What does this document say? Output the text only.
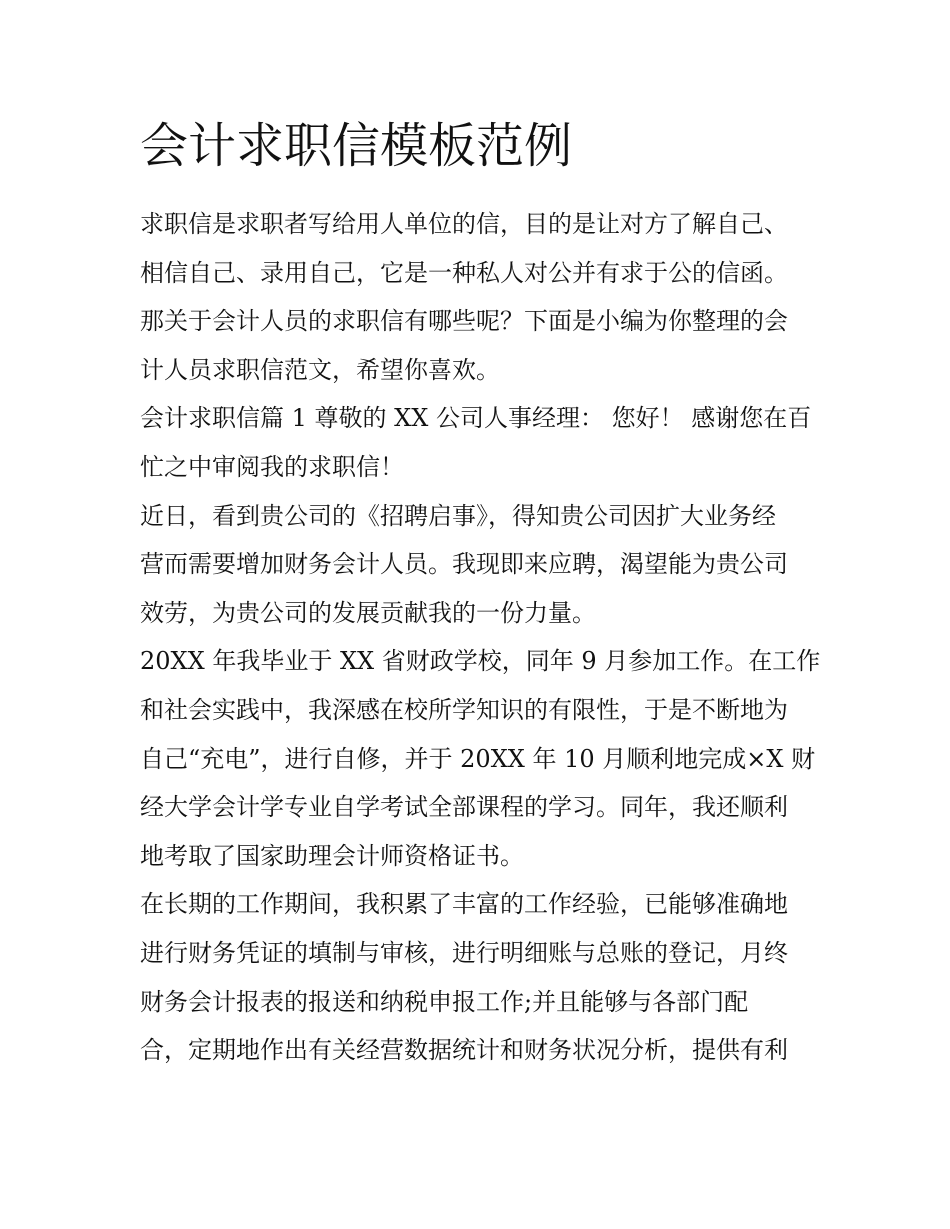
会计求职信模板范例
求职信是求职者写给用人单位的信，目的是让对方了解自己、
相信自己、录用自己，它是一种私人对公并有求于公的信函。
那关于会计人员的求职信有哪些呢？下面是小编为你整理的会
计人员求职信范文，希望你喜欢。
会计求职信篇 1 尊敬的 XX 公司人事经理： 您好！ 感谢您在百
忙之中审阅我的求职信！
近日，看到贵公司的《招聘启事》，得知贵公司因扩大业务经
营而需要增加财务会计人员。我现即来应聘，渴望能为贵公司
效劳，为贵公司的发展贡献我的一份力量。
20XX 年我毕业于 XX 省财政学校，同年 9 月参加工作。在工作
和社会实践中，我深感在校所学知识的有限性，于是不断地为
自己“充电”，进行自修，并于 20XX 年 10 月顺利地完成×X 财
经大学会计学专业自学考试全部课程的学习。同年，我还顺利
地考取了国家助理会计师资格证书。
在长期的工作期间，我积累了丰富的工作经验，已能够准确地
进行财务凭证的填制与审核，进行明细账与总账的登记，月终
财务会计报表的报送和纳税申报工作;并且能够与各部门配
合，定期地作出有关经营数据统计和财务状况分析，提供有利
